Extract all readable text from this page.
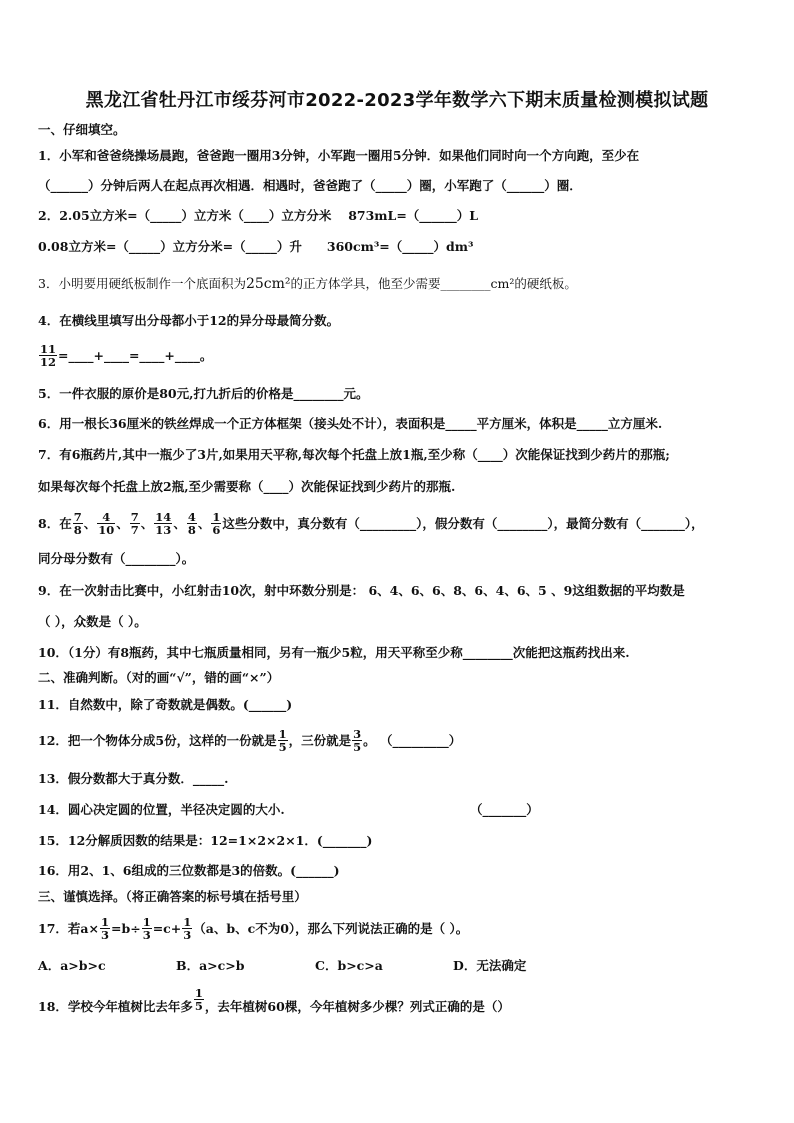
黑龙江省牡丹江市绥芬河市2022-2023学年数学六下期末质量检测模拟试题
一、仔细填空。
1．小军和爸爸绕操场晨跑，爸爸跑一圈用3分钟，小军跑一圈用5分钟．如果他们同时向一个方向跑，至少在
（______）分钟后两人在起点再次相遇．相遇时，爸爸跑了（_____）圈，小军跑了（______）圈．
2．2.05立方米=（_____）立方米（____）立方分米　 873mL=（______）L
0.08立方米=（_____）立方分米=（_____）升　　360cm³=（_____）dm³
3．小明要用硬纸板制作一个底面积为25cm²的正方体学具，他至少需要________cm²的硬纸板。
4．在横线里填写出分母都小于12的异分母最简分数。
$\frac{11}{12}$ =____+____=____+____。
5．一件衣服的原价是80元,打九折后的价格是________元。
6．用一根长36厘米的铁丝焊成一个正方体框架（接头处不计），表面积是_____平方厘米，体积是_____立方厘米.
7．有6瓶药片,其中一瓶少了3片,如果用天平称,每次每个托盘上放1瓶,至少称（____）次能保证找到少药片的那瓶;
如果每次每个托盘上放2瓶,至少需要称（____）次能保证找到少药片的那瓶.
8．在 $\frac{7}{8}$ 、 $\frac{4}{10}$ 、 $\frac{7}{7}$ 、 $\frac{14}{13}$ 、 $\frac{4}{8}$ 、 $\frac{1}{6}$ 这些分数中，真分数有（_________），假分数有（________），最简分数有（_______），
同分母分数有（________）。
9．在一次射击比赛中，小红射击10次，射中环数分别是： 6、4、6、6、8、6、4、6、5 、9这组数据的平均数是
（ ），众数是（ ）。
10．（1分）有8瓶药，其中七瓶质量相同，另有一瓶少5粒，用天平称至少称________次能把这瓶药找出来.
二、准确判断。（对的画“√”，错的画“×”）
11．自然数中，除了奇数就是偶数。(______)
12．把一个物体分成5份，这样的一份就是 $\frac{1}{5}$ ，三份就是 $\frac{3}{5}$ 。 （_________）
13．假分数都大于真分数．_____.
14．圆心决定圆的位置，半径决定圆的大小.	（_______）
15．12分解质因数的结果是：12=1×2×2×1．(_______)
16．用2、1、6组成的三位数都是3的倍数。(______)
三、谨慎选择。（将正确答案的标号填在括号里）
17．若$a\times \frac{1}{3} =b\div \frac{1}{3} =c+ \frac{1}{3} (a$、b、c不为0），那么下列说法正确的是（ ）。
A．a>b>c	B．a>c>b	C．b>c>a	D．无法确定
18．学校今年植树比去年多 $\frac{1}{5}$ ，去年植树60棵，今年植树多少棵？列式正确的是（）
